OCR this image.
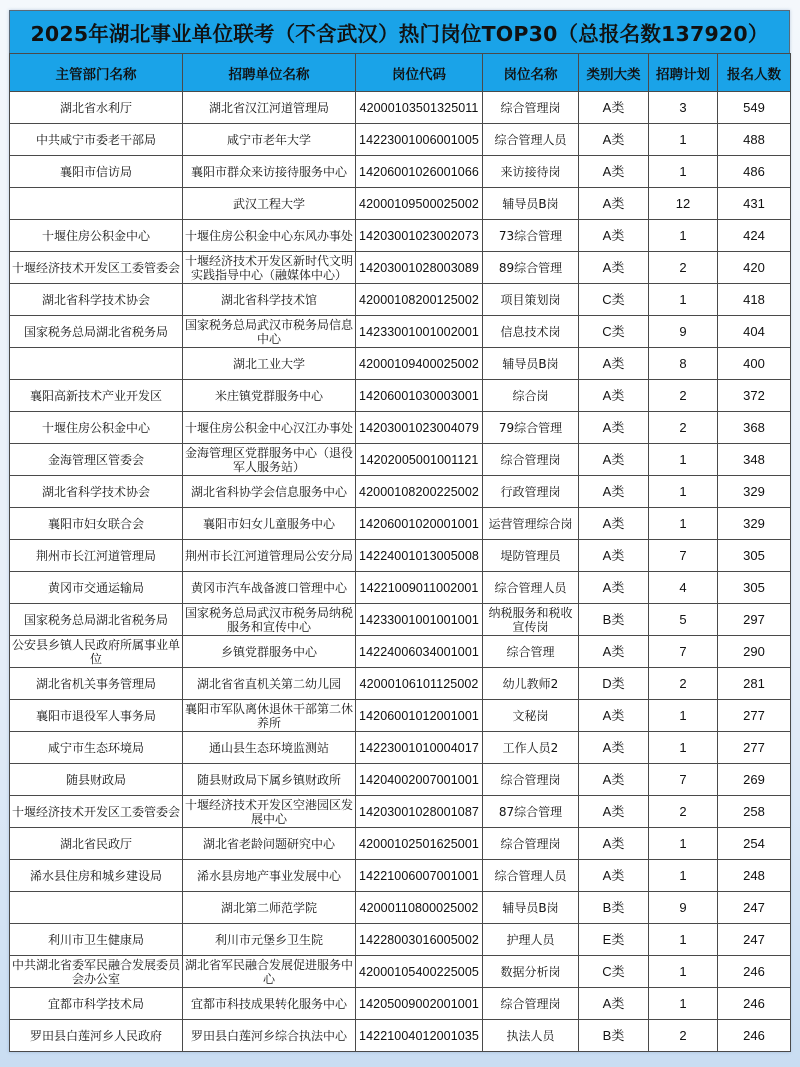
2025年湖北事业单位联考（不含武汉）热门岗位TOP30（总报名数137920）
主管部门名称	招聘单位名称	岗位代码	岗位名称	类别大类	招聘计划	报名人数
湖北省水利厅	湖北省汉江河道管理局	42000103501325011	综合管理岗	A类	3	549
中共咸宁市委老干部局	咸宁市老年大学	14223001006001005	综合管理人员	A类	1	488
襄阳市信访局	襄阳市群众来访接待服务中心	14206001026001066	来访接待岗	A类	1	486
	武汉工程大学	42000109500025002	辅导员B岗	A类	12	431
十堰住房公积金中心	十堰住房公积金中心东风办事处	14203001023002073	73综合管理	A类	1	424
十堰经济技术开发区工委管委会	十堰经济技术开发区新时代文明实践指导中心（融媒体中心）	14203001028003089	89综合管理	A类	2	420
湖北省科学技术协会	湖北省科学技术馆	42000108200125002	项目策划岗	C类	1	418
国家税务总局湖北省税务局	国家税务总局武汉市税务局信息中心	14233001001002001	信息技术岗	C类	9	404
	湖北工业大学	42000109400025002	辅导员B岗	A类	8	400
襄阳高新技术产业开发区	米庄镇党群服务中心	14206001030003001	综合岗	A类	2	372
十堰住房公积金中心	十堰住房公积金中心汉江办事处	14203001023004079	79综合管理	A类	2	368
金海管理区管委会	金海管理区党群服务中心（退役军人服务站）	14202005001001121	综合管理岗	A类	1	348
湖北省科学技术协会	湖北省科协学会信息服务中心	42000108200225002	行政管理岗	A类	1	329
襄阳市妇女联合会	襄阳市妇女儿童服务中心	14206001020001001	运营管理综合岗	A类	1	329
荆州市长江河道管理局	荆州市长江河道管理局公安分局	14224001013005008	堤防管理员	A类	7	305
黄冈市交通运输局	黄冈市汽车战备渡口管理中心	14221009011002001	综合管理人员	A类	4	305
国家税务总局湖北省税务局	国家税务总局武汉市税务局纳税服务和宣传中心	14233001001001001	纳税服务和税收宣传岗	B类	5	297
公安县乡镇人民政府所属事业单位	乡镇党群服务中心	14224006034001001	综合管理	A类	7	290
湖北省机关事务管理局	湖北省省直机关第二幼儿园	42000106101125002	幼儿教师2	D类	2	281
襄阳市退役军人事务局	襄阳市军队离休退休干部第二休养所	14206001012001001	文秘岗	A类	1	277
咸宁市生态环境局	通山县生态环境监测站	14223001010004017	工作人员2	A类	1	277
随县财政局	随县财政局下属乡镇财政所	14204002007001001	综合管理岗	A类	7	269
十堰经济技术开发区工委管委会	十堰经济技术开发区空港园区发展中心	14203001028001087	87综合管理	A类	2	258
湖北省民政厅	湖北省老龄问题研究中心	42000102501625001	综合管理岗	A类	1	254
浠水县住房和城乡建设局	浠水县房地产事业发展中心	14221006007001001	综合管理人员	A类	1	248
	湖北第二师范学院	42000110800025002	辅导员B岗	B类	9	247
利川市卫生健康局	利川市元堡乡卫生院	14228003016005002	护理人员	E类	1	247
中共湖北省委军民融合发展委员会办公室	湖北省军民融合发展促进服务中心	42000105400225005	数据分析岗	C类	1	246
宜都市科学技术局	宜都市科技成果转化服务中心	14205009002001001	综合管理岗	A类	1	246
罗田县白莲河乡人民政府	罗田县白莲河乡综合执法中心	14221004012001035	执法人员	B类	2	246
